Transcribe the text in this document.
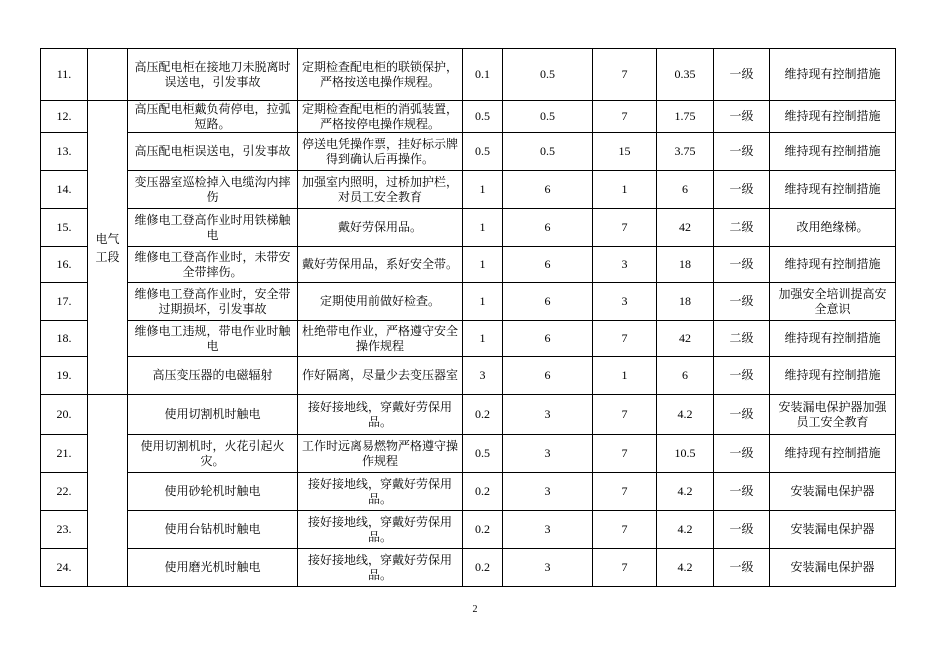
11.		高压配电柜在接地刀未脱离时误送电，引发事故	定期检查配电柜的联锁保护，严格按送电操作规程。	0.1	0.5	7	0.35	一级	维持现有控制措施
12.	电气工段	高压配电柜戴负荷停电，拉弧短路。	定期检查配电柜的消弧装置，严格按停电操作规程。	0.5	0.5	7	1.75	一级	维持现有控制措施
13.		高压配电柜误送电，引发事故	停送电凭操作票，挂好标示牌得到确认后再操作。	0.5	0.5	15	3.75	一级	维持现有控制措施
14.		变压器室巡检掉入电缆沟内摔伤	加强室内照明，过桥加护栏，对员工安全教育	1	6	1	6	一级	维持现有控制措施
15.		维修电工登高作业时用铁梯触电	戴好劳保用品。	1	6	7	42	二级	改用绝缘梯。
16.		维修电工登高作业时，未带安全带摔伤。	戴好劳保用品，系好安全带。	1	6	3	18	一级	维持现有控制措施
17.		维修电工登高作业时，安全带过期损坏，引发事故	定期使用前做好检查。	1	6	3	18	一级	加强安全培训提高安全意识
18.		维修电工违规，带电作业时触电	杜绝带电作业，严格遵守安全操作规程	1	6	7	42	二级	维持现有控制措施
19.		高压变压器的电磁辐射	作好隔离，尽量少去变压器室	3	6	1	6	一级	维持现有控制措施
20.		使用切割机时触电	接好接地线，穿戴好劳保用品。	0.2	3	7	4.2	一级	安装漏电保护器加强员工安全教育
21.		使用切割机时，火花引起火灾。	工作时远离易燃物严格遵守操作规程	0.5	3	7	10.5	一级	维持现有控制措施
22.		使用砂轮机时触电	接好接地线，穿戴好劳保用品。	0.2	3	7	4.2	一级	安装漏电保护器
23.		使用台钻机时触电	接好接地线，穿戴好劳保用品。	0.2	3	7	4.2	一级	安装漏电保护器
24.		使用磨光机时触电	接好接地线，穿戴好劳保用品。	0.2	3	7	4.2	一级	安装漏电保护器
2
